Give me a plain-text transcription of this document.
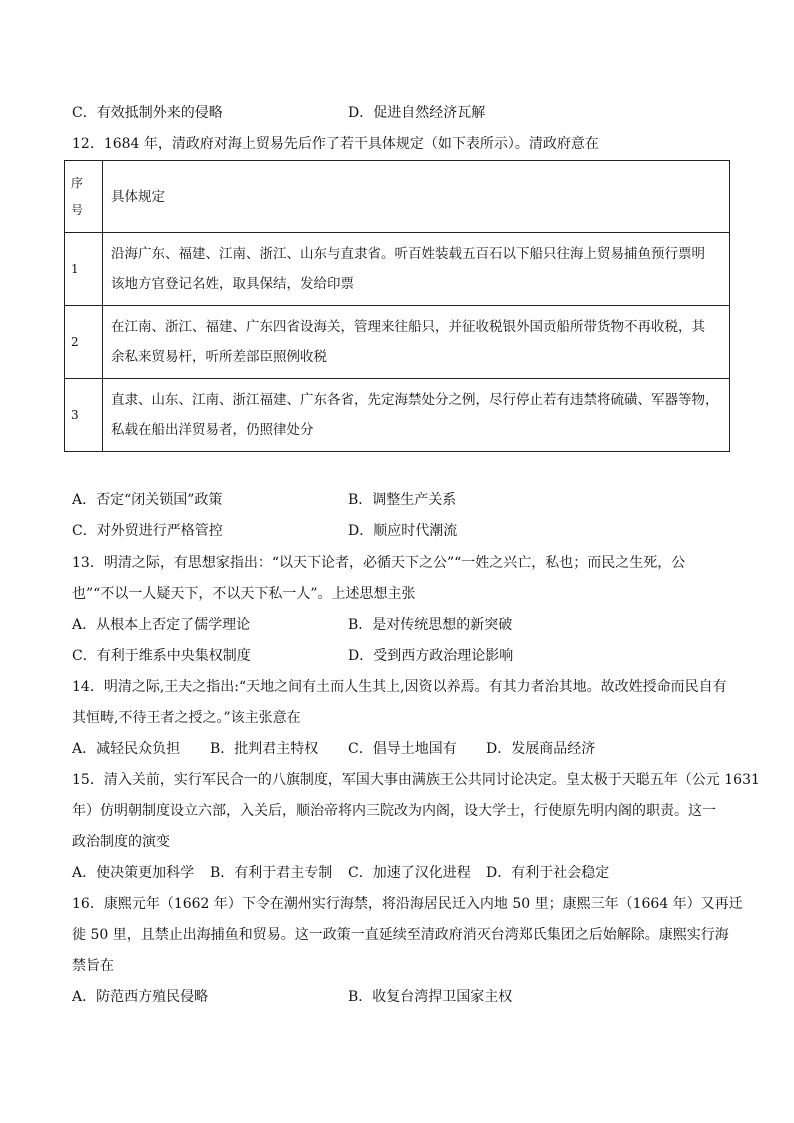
C．有效抵制外来的侵略	D．促进自然经济瓦解
12．1684 年，清政府对海上贸易先后作了若干具体规定（如下表所示）。清政府意在
序号	具体规定
1	沿海广东、福建、江南、浙江、山东与直隶省。听百姓装载五百石以下船只往海上贸易捕鱼预行票明
该地方官登记名姓，取具保结，发给印票

2	在江南、浙江、福建、广东四省设海关，管理来往船只，并征收税银外国贡船所带货物不再收税，其
余私来贸易杆，听所差部臣照例收税

3	直隶、山东、江南、浙江福建、广东各省，先定海禁处分之例，尽行停止若有违禁将硫磺、军器等物，
私载在船出洋贸易者，仍照律处分
A．否定“闭关锁国”政策	B．调整生产关系
C．对外贸进行严格管控	D．顺应时代潮流
13．明清之际，有思想家指出：“以天下论者，必循天下之公”“一姓之兴亡，私也；而民之生死，公
也”“不以一人疑天下，不以天下私一人”。上述思想主张
A．从根本上否定了儒学理论	B．是对传统思想的新突破
C．有利于维系中央集权制度	D．受到西方政治理论影响
14．明清之际,王夫之指出:“天地之间有土而人生其上,因资以养焉。有其力者治其地。故改姓授命而民自有
其恒畴,不待王者之授之。”该主张意在
A．减轻民众负担 B．批判君主特权 C．倡导土地国有 D．发展商品经济
15．清入关前，实行军民合一的八旗制度，军国大事由满族王公共同讨论决定。皇太极于天聪五年（公元 1631
年）仿明朝制度设立六部，入关后，顺治帝将内三院改为内阁，设大学士，行使原先明内阁的职责。这一
政治制度的演变
A．使决策更加科学 B．有利于君主专制 C．加速了汉化进程 D．有利于社会稳定
16．康熙元年（1662 年）下令在潮州实行海禁，将沿海居民迁入内地 50 里；康熙三年（1664 年）又再迁
徙 50 里，且禁止出海捕鱼和贸易。这一政策一直延续至清政府消灭台湾郑氏集团之后始解除。康熙实行海
禁旨在
A．防范西方殖民侵略	B．收复台湾捍卫国家主权
